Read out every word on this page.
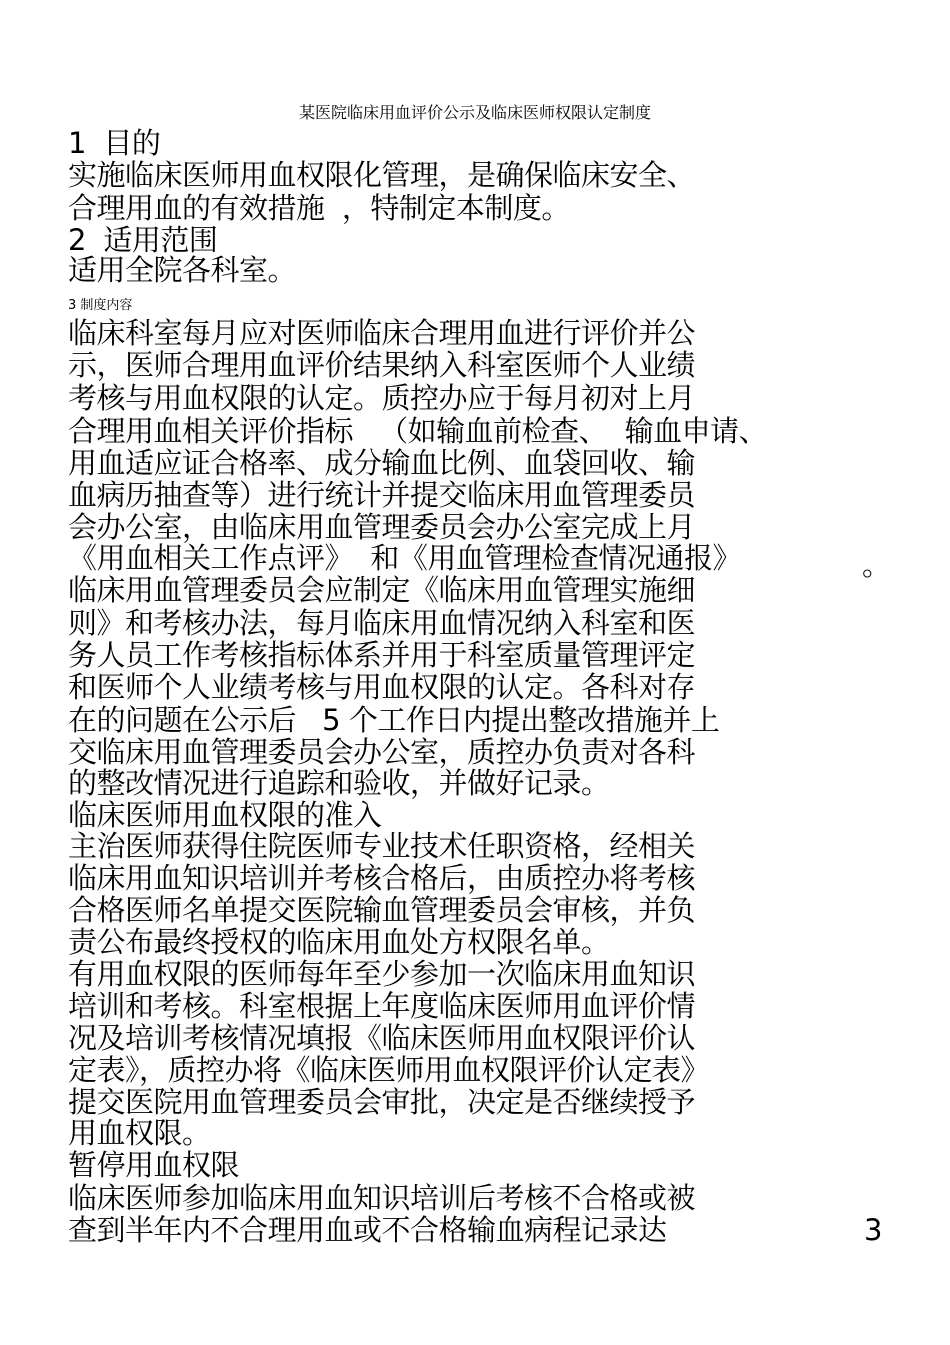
某医院临床用血评价公示及临床医师权限认定制度
1  目的
实施临床医师用血权限化管理，是确保临床安全、
合理用血的有效措施  ，特制定本制度。
2  适用范围
适用全院各科室。
3 制度内容
临床科室每月应对医师临床合理用血进行评价并公
示，医师合理用血评价结果纳入科室医师个人业绩
考核与用血权限的认定。质控办应于每月初对上月
合理用血相关评价指标   （如输血前检查、  输血申请、
用血适应证合格率、成分输血比例、血袋回收、输
血病历抽查等）进行统计并提交临床用血管理委员
会办公室，由临床用血管理委员会办公室完成上月
《用血相关工作点评》  和《用血管理检查情况通报》	。
临床用血管理委员会应制定《临床用血管理实施细
则》和考核办法，每月临床用血情况纳入科室和医
务人员工作考核指标体系并用于科室质量管理评定
和医师个人业绩考核与用血权限的认定。各科对存
在的问题在公示后   5 个工作日内提出整改措施并上
交临床用血管理委员会办公室，质控办负责对各科
的整改情况进行追踪和验收，并做好记录。
临床医师用血权限的准入
主治医师获得住院医师专业技术任职资格，经相关
临床用血知识培训并考核合格后，由质控办将考核
合格医师名单提交医院输血管理委员会审核，并负
责公布最终授权的临床用血处方权限名单。
有用血权限的医师每年至少参加一次临床用血知识
培训和考核。科室根据上年度临床医师用血评价情
况及培训考核情况填报《临床医师用血权限评价认
定表》，质控办将《临床医师用血权限评价认定表》
提交医院用血管理委员会审批，决定是否继续授予
用血权限。
暂停用血权限
临床医师参加临床用血知识培训后考核不合格或被
查到半年内不合理用血或不合格输血病程记录达	3
